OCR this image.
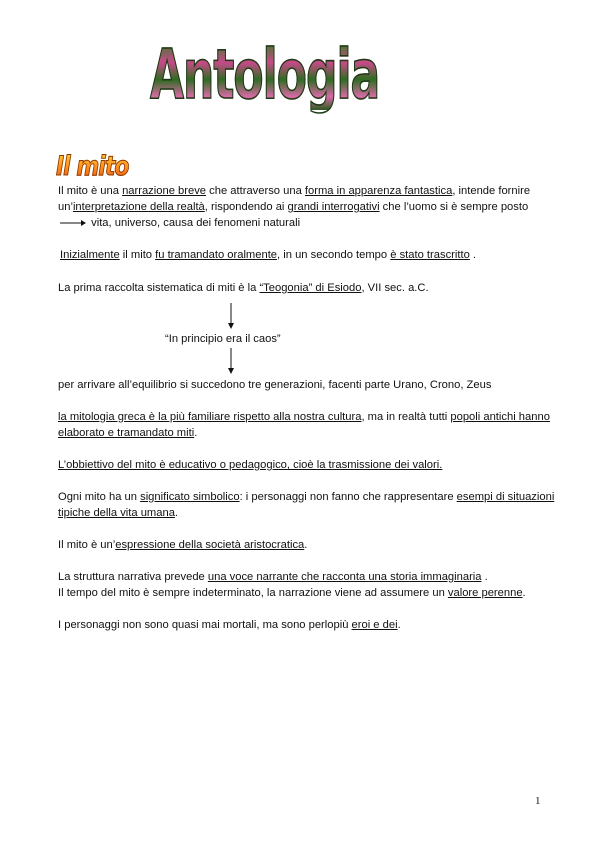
Antologia
Il mito
Il mito è una narrazione breve che attraverso una forma in apparenza fantastica, intende fornire un’interpretazione della realtà, rispondendo ai grandi interrogativi che l’uomo si è sempre posto vita, universo, causa dei fenomeni naturali
Inizialmente il mito fu tramandato oralmente, in un secondo tempo è stato trascritto .
La prima raccolta sistematica di miti è la “Teogonia” di Esiodo, VII sec. a.C.
“In principio era il caos”
per arrivare all’equilibrio si succedono tre generazioni, facenti parte Urano, Crono, Zeus
la mitologia greca è la più familiare rispetto alla nostra cultura, ma in realtà tutti popoli antichi hanno elaborato e tramandato miti.
L’obbiettivo del mito è educativo o pedagogico, cioè la trasmissione dei valori.
Ogni mito ha un significato simbolico: i personaggi non fanno che rappresentare esempi di situazioni tipiche della vita umana.
Il mito è un’espressione della società aristocratica.
La struttura narrativa prevede una voce narrante che racconta una storia immaginaria .
Il tempo del mito è sempre indeterminato, la narrazione viene ad assumere un valore perenne.
I personaggi non sono quasi mai mortali, ma sono perlopiù eroi e dei.
1
